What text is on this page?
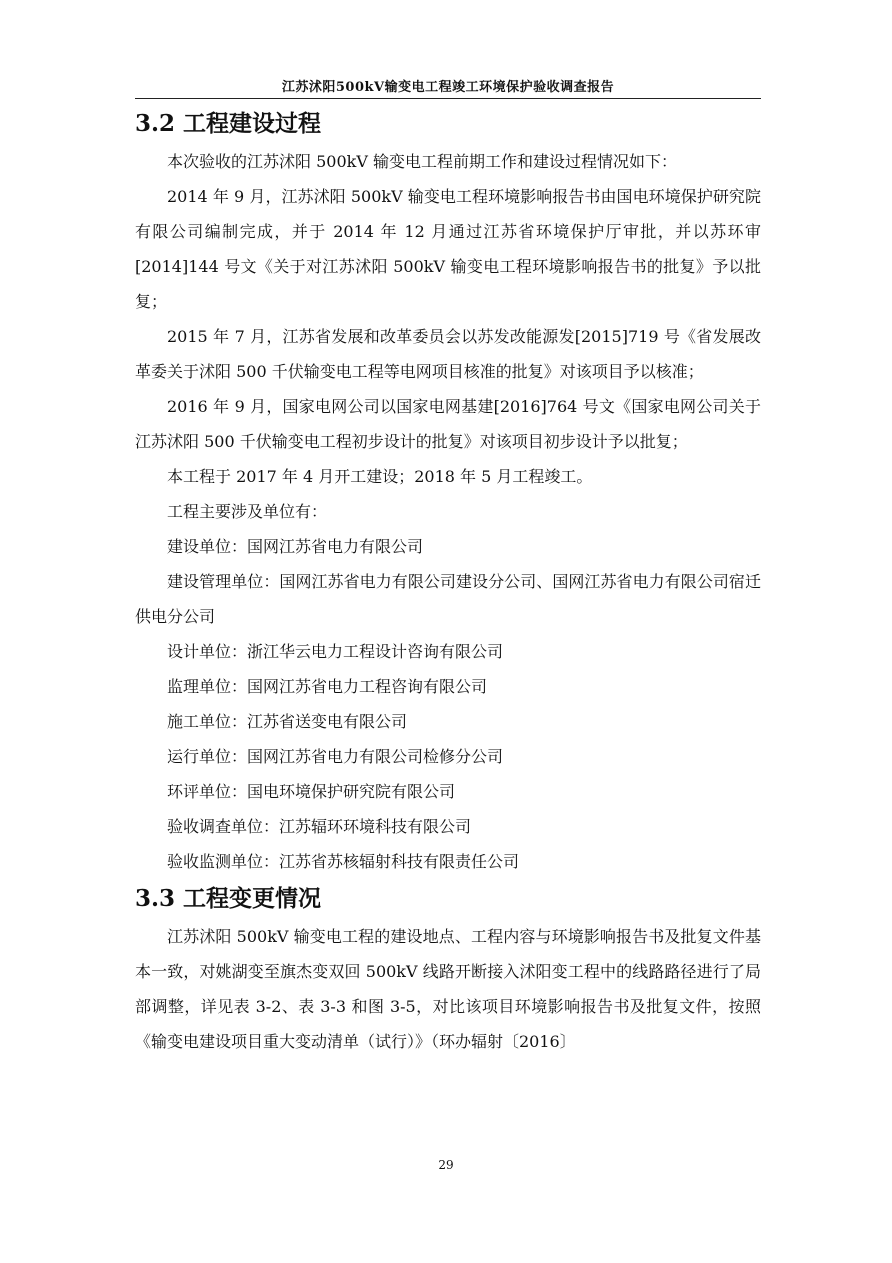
江苏沭阳500kV输变电工程竣工环境保护验收调查报告
3.2 工程建设过程

本次验收的江苏沭阳 500kV 输变电工程前期工作和建设过程情况如下：

2014 年 9 月，江苏沭阳 500kV 输变电工程环境影响报告书由国电环境保护研究院有限公司编制完成，并于 2014 年 12 月通过江苏省环境保护厅审批，并以苏环审[2014]144 号文《关于对江苏沭阳 500kV 输变电工程环境影响报告书的批复》予以批复；

2015 年 7 月，江苏省发展和改革委员会以苏发改能源发[2015]719 号《省发展改革委关于沭阳 500 千伏输变电工程等电网项目核准的批复》对该项目予以核准；

2016 年 9 月，国家电网公司以国家电网基建[2016]764 号文《国家电网公司关于江苏沭阳 500 千伏输变电工程初步设计的批复》对该项目初步设计予以批复；

本工程于 2017 年 4 月开工建设；2018 年 5 月工程竣工。

工程主要涉及单位有：

建设单位：国网江苏省电力有限公司

建设管理单位：国网江苏省电力有限公司建设分公司、国网江苏省电力有限公司宿迁供电分公司

设计单位：浙江华云电力工程设计咨询有限公司

监理单位：国网江苏省电力工程咨询有限公司

施工单位：江苏省送变电有限公司

运行单位：国网江苏省电力有限公司检修分公司

环评单位：国电环境保护研究院有限公司

验收调查单位：江苏辐环环境科技有限公司

验收监测单位：江苏省苏核辐射科技有限责任公司

3.3 工程变更情况

江苏沭阳 500kV 输变电工程的建设地点、工程内容与环境影响报告书及批复文件基本一致，对姚湖变至旗杰变双回 500kV 线路开断接入沭阳变工程中的线路路径进行了局部调整，详见表 3-2、表 3-3 和图 3-5，对比该项目环境影响报告书及批复文件，按照《输变电建设项目重大变动清单（试行）》（环办辐射〔2016〕

29
